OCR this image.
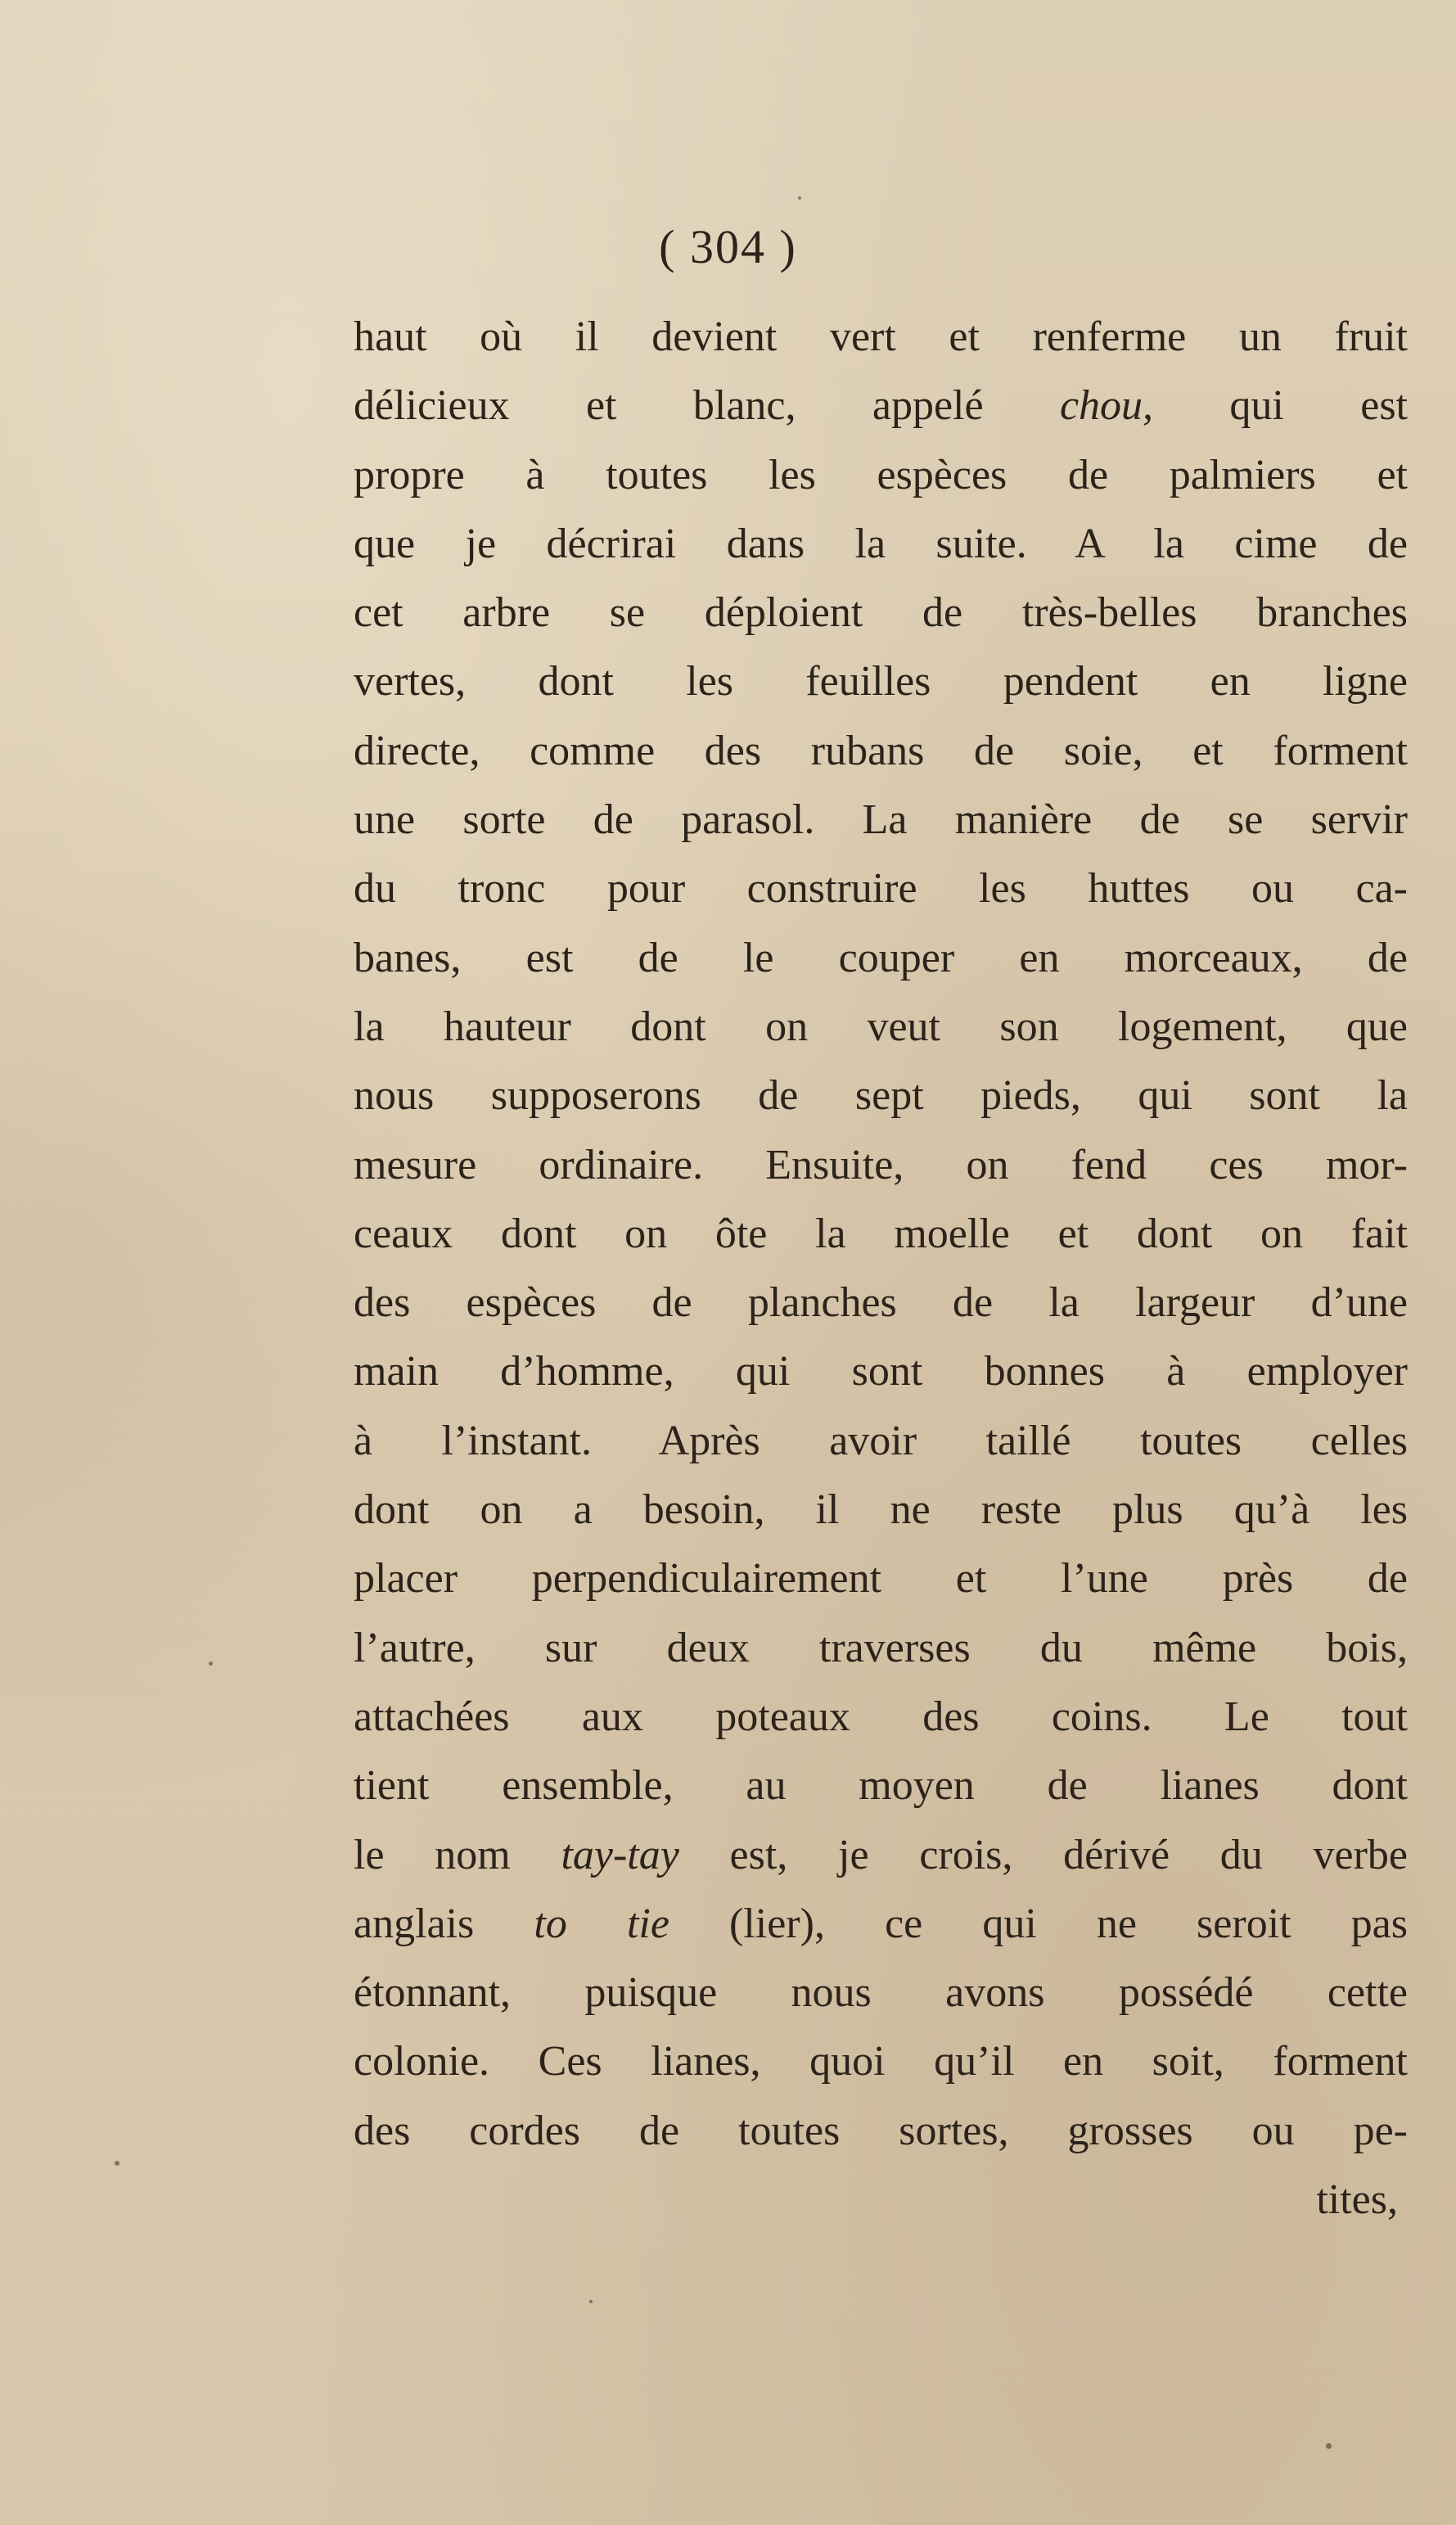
( 304 )
haut où il devient vert et renferme un fruit
délicieux et blanc, appelé chou, qui est
propre à toutes les espèces de palmiers et
que je décrirai dans la suite. A la cime de
cet arbre se déploient de très-belles branches
vertes, dont les feuilles pendent en ligne
directe, comme des rubans de soie, et forment
une sorte de parasol. La manière de se servir
du tronc pour construire les huttes ou ca-
banes, est de le couper en morceaux, de
la hauteur dont on veut son logement, que
nous supposerons de sept pieds, qui sont la
mesure ordinaire. Ensuite, on fend ces mor-
ceaux dont on ôte la moelle et dont on fait
des espèces de planches de la largeur d’une
main d’homme, qui sont bonnes à employer
à l’instant. Après avoir taillé toutes celles
dont on a besoin, il ne reste plus qu’à les
placer perpendiculairement et l’une près de
l’autre, sur deux traverses du même bois,
attachées aux poteaux des coins. Le tout
tient ensemble, au moyen de lianes dont
le nom tay-tay est, je crois, dérivé du verbe
anglais to tie (lier), ce qui ne seroit pas
étonnant, puisque nous avons possédé cette
colonie. Ces lianes, quoi qu’il en soit, forment
des cordes de toutes sortes, grosses ou pe-
tites,
